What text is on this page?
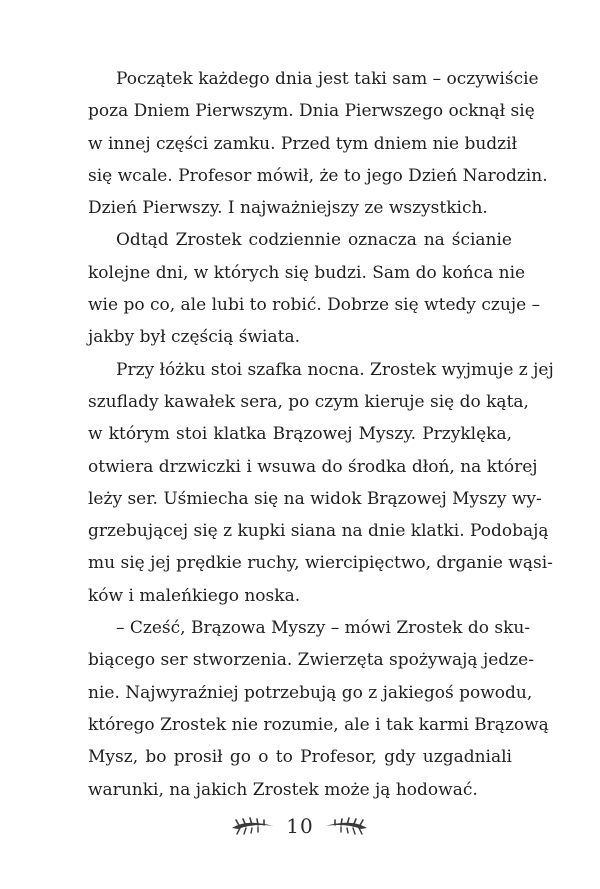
Początek każdego dnia jest taki sam – oczywiście
poza Dniem Pierwszym. Dnia Pierwszego ocknął się
w innej części zamku. Przed tym dniem nie budził
się wcale. Profesor mówił, że to jego Dzień Narodzin.
Dzień Pierwszy. I najważniejszy ze wszystkich.
Odtąd Zrostek codziennie oznacza na ścianie
kolejne dni, w których się budzi. Sam do końca nie
wie po co, ale lubi to robić. Dobrze się wtedy czuje –
jakby był częścią świata.
Przy łóżku stoi szafka nocna. Zrostek wyjmuje z jej
szuflady kawałek sera, po czym kieruje się do kąta,
w którym stoi klatka Brązowej Myszy. Przyklęka,
otwiera drzwiczki i wsuwa do środka dłoń, na której
leży ser. Uśmiecha się na widok Brązowej Myszy wy-
grzebującej się z kupki siana na dnie klatki. Podobają
mu się jej prędkie ruchy, wiercipięctwo, drganie wąsi-
ków i maleńkiego noska.
– Cześć, Brązowa Myszy – mówi Zrostek do sku-
biącego ser stworzenia. Zwierzęta spożywają jedze-
nie. Najwyraźniej potrzebują go z jakiegoś powodu,
którego Zrostek nie rozumie, ale i tak karmi Brązową
Mysz, bo prosił go o to Profesor, gdy uzgadniali
warunki, na jakich Zrostek może ją hodować.
10
